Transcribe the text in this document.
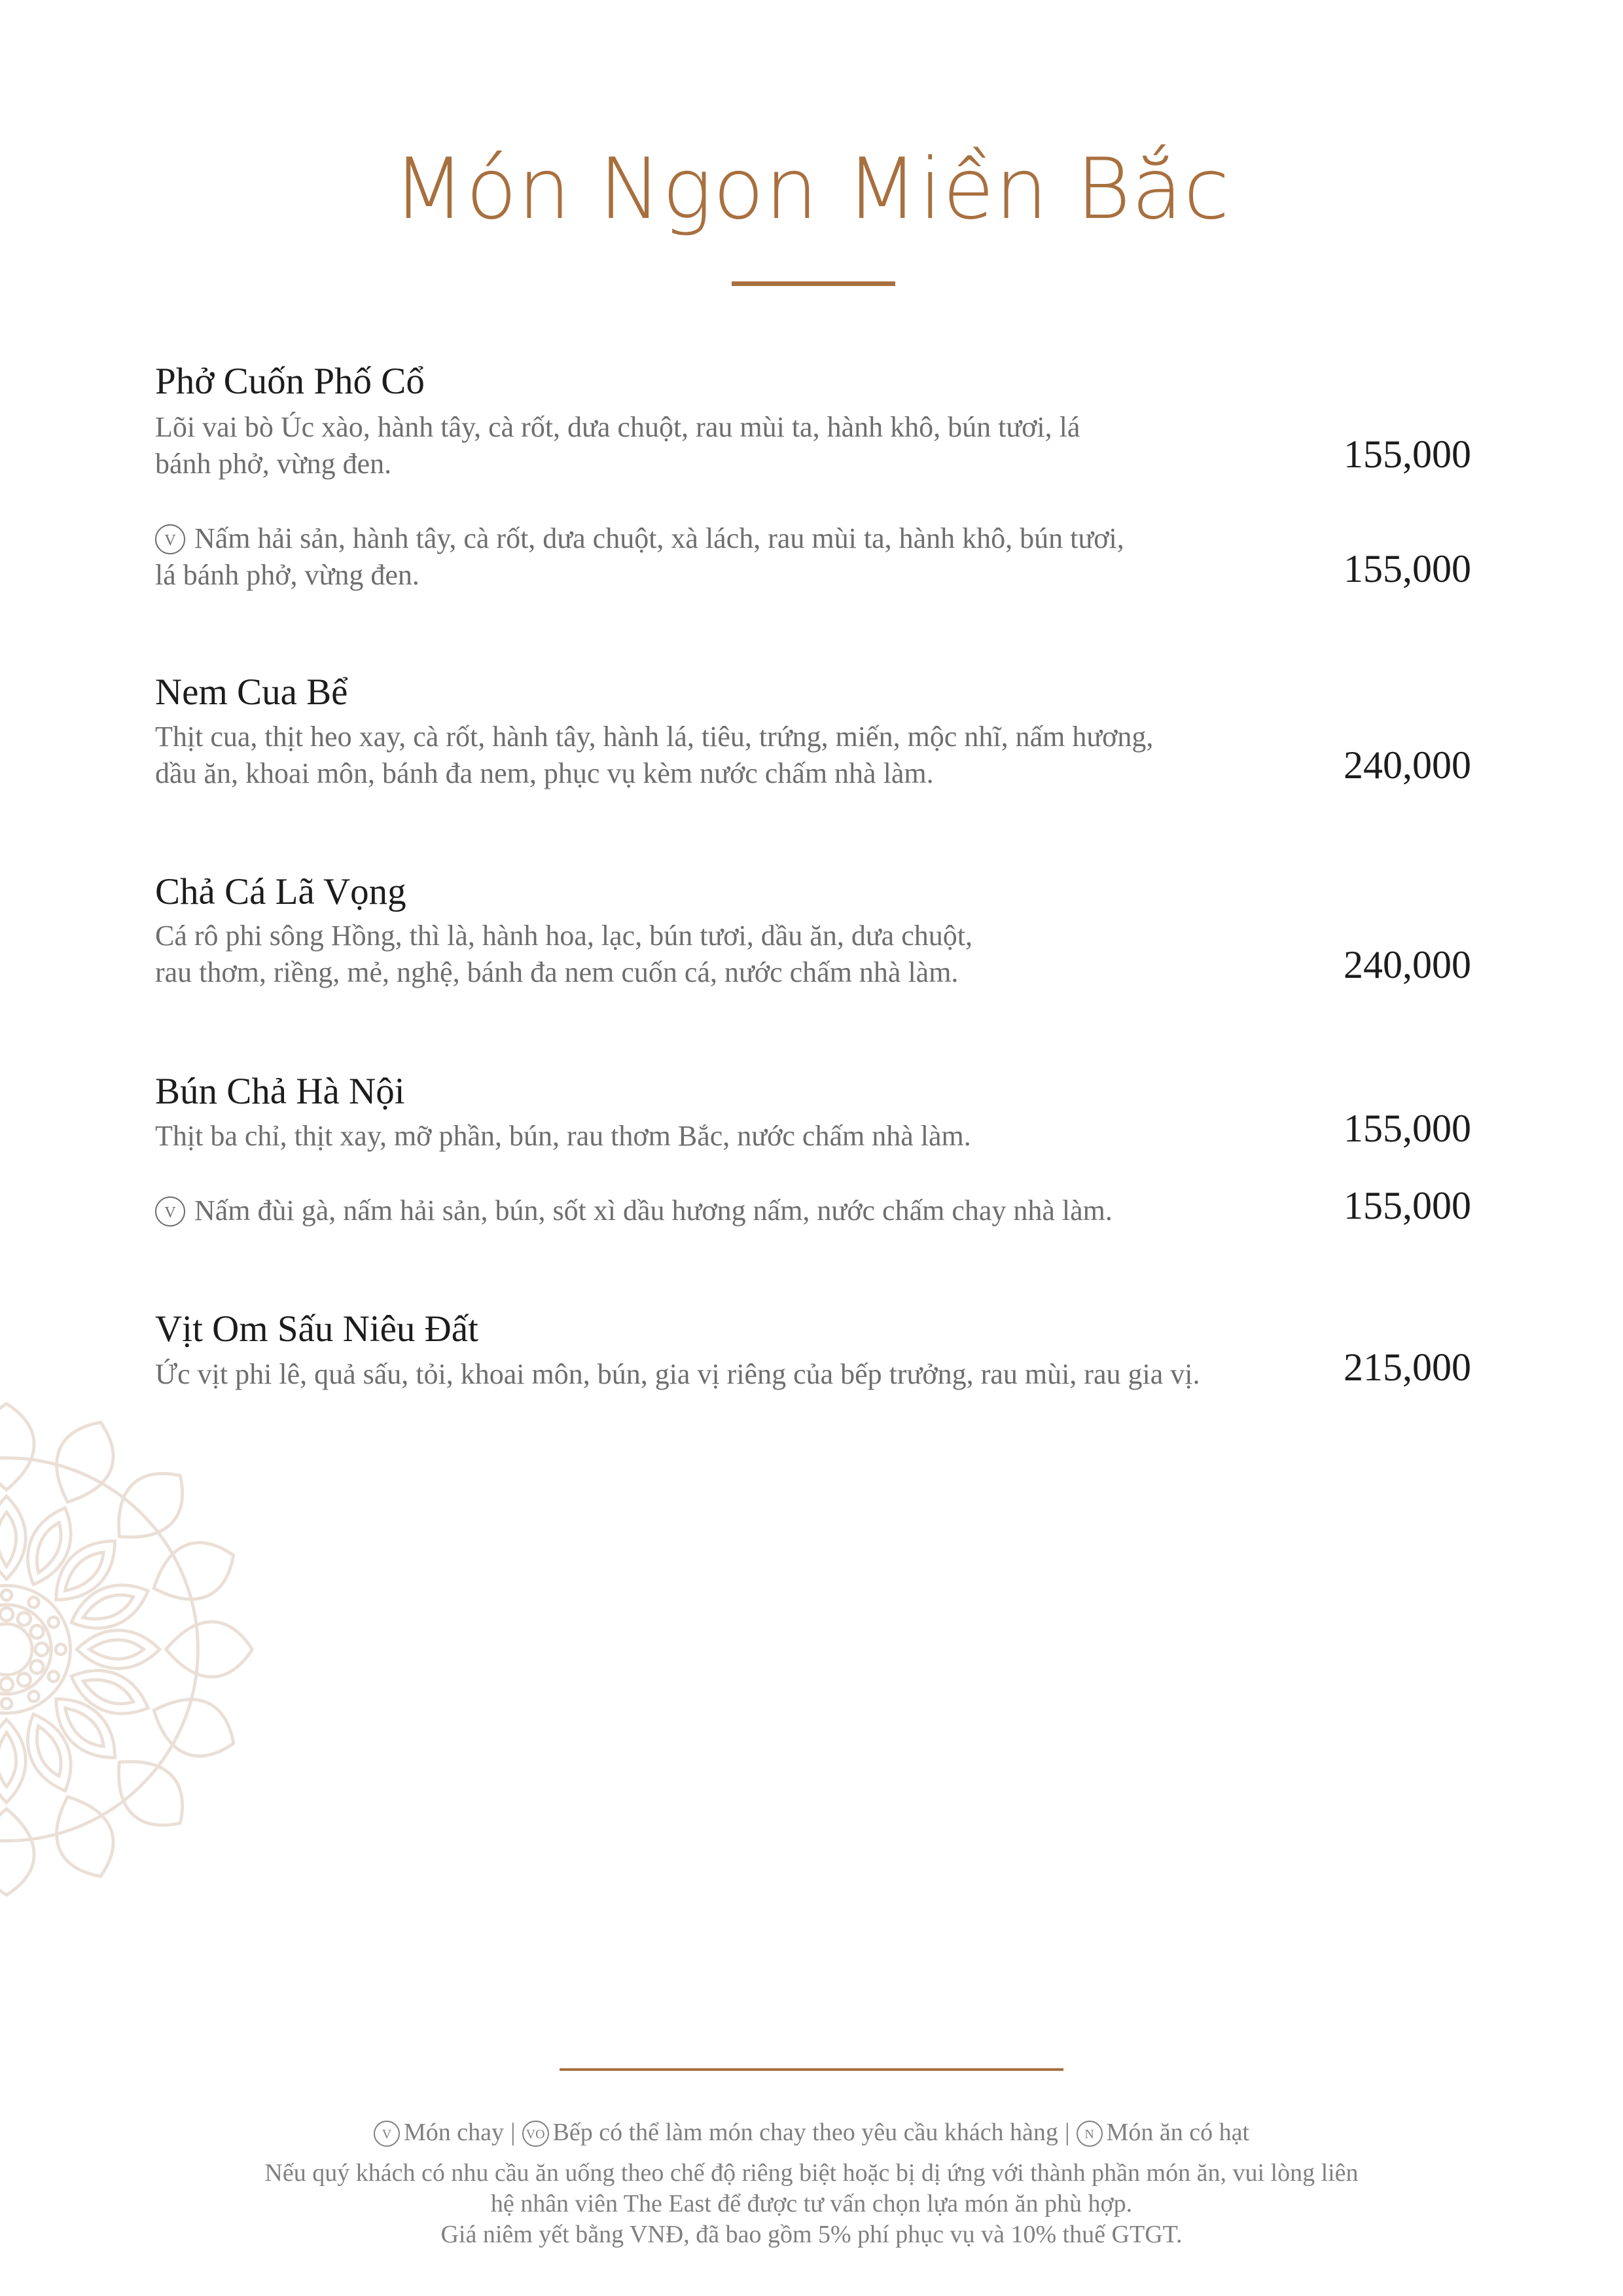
Món Ngon Miền Bắc
Phở Cuốn Phố Cổ
Lõi vai bò Úc xào, hành tây, cà rốt, dưa chuột, rau mùi ta, hành khô, bún tươi, lá
bánh phở, vừng đen.	155,000
V Nấm hải sản, hành tây, cà rốt, dưa chuột, xà lách, rau mùi ta, hành khô, bún tươi,
lá bánh phở, vừng đen.	155,000
Nem Cua Bể
Thịt cua, thịt heo xay, cà rốt, hành tây, hành lá, tiêu, trứng, miến, mộc nhĩ, nấm hương,
dầu ăn, khoai môn, bánh đa nem, phục vụ kèm nước chấm nhà làm.	240,000
Chả Cá Lã Vọng
Cá rô phi sông Hồng, thì là, hành hoa, lạc, bún tươi, dầu ăn, dưa chuột,
rau thơm, riềng, mẻ, nghệ, bánh đa nem cuốn cá, nước chấm nhà làm.	240,000
Bún Chả Hà Nội
Thịt ba chỉ, thịt xay, mỡ phần, bún, rau thơm Bắc, nước chấm nhà làm.	155,000
V Nấm đùi gà, nấm hải sản, bún, sốt xì dầu hương nấm, nước chấm chay nhà làm.	155,000
Vịt Om Sấu Niêu Đất
Ức vịt phi lê, quả sấu, tỏi, khoai môn, bún, gia vị riêng của bếp trưởng, rau mùi, rau gia vị.	215,000
V Món chay | VO Bếp có thể làm món chay theo yêu cầu khách hàng | N Món ăn có hạt
Nếu quý khách có nhu cầu ăn uống theo chế độ riêng biệt hoặc bị dị ứng với thành phần món ăn, vui lòng liên
hệ nhân viên The East để được tư vấn chọn lựa món ăn phù hợp.
Giá niêm yết bằng VNĐ, đã bao gồm 5% phí phục vụ và 10% thuế GTGT.
